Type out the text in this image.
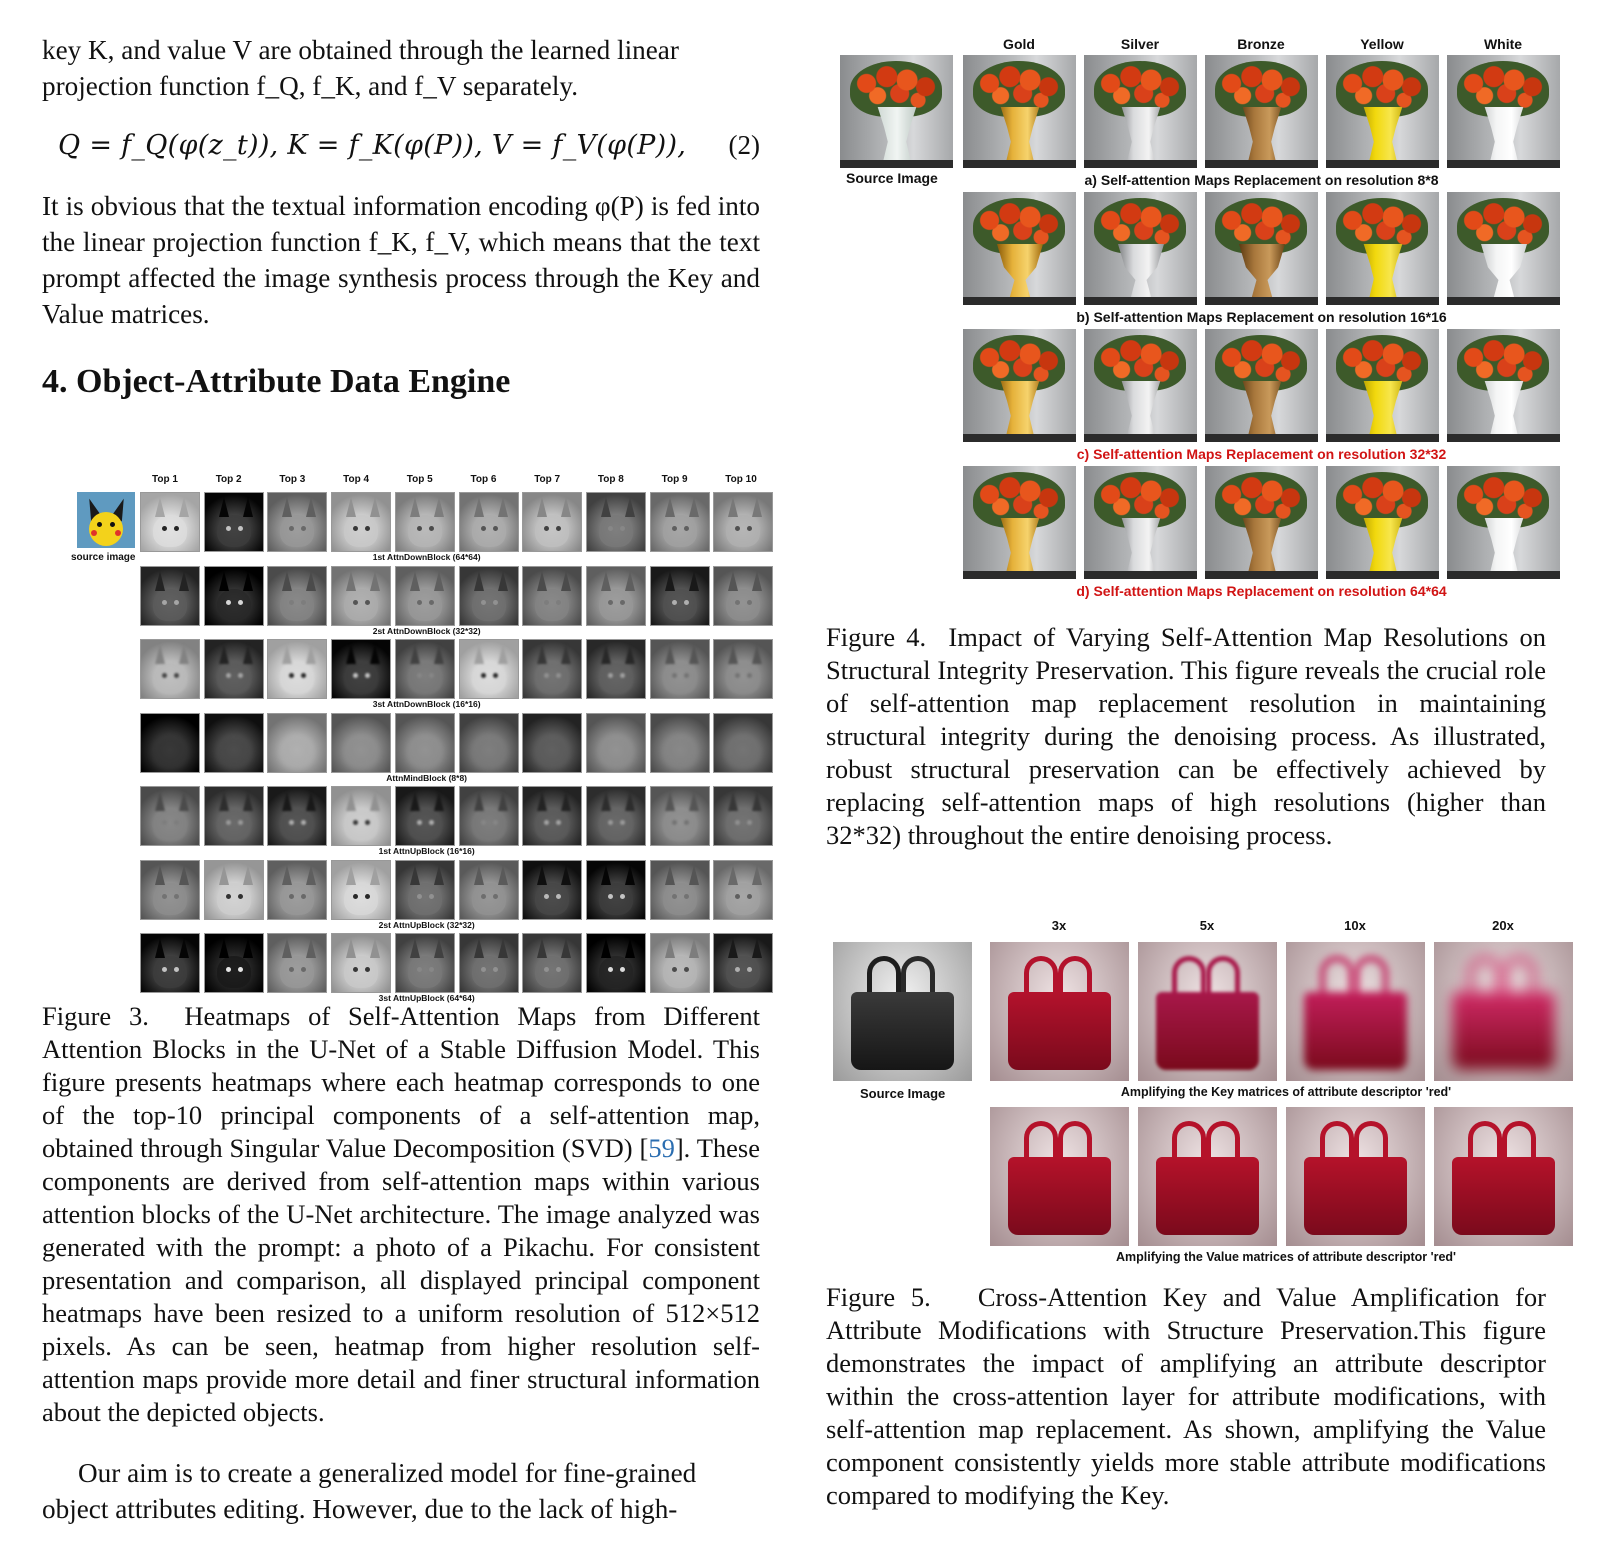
key K, and value V are obtained through the learned linear

projection function f_Q, f_K, and f_V separately.

Q = f_Q(φ(z_t)), K = f_K(φ(P)), V = f_V(φ(P)), (2)

It is obvious that the textual information encoding φ(P) is fed into the linear projection function f_K, f_V, which means that the text prompt affected the image synthesis process through the Key and Value matrices.

4. Object-Attribute Data Engine
Top 1	Top 2	Top 3	Top 4	Top 5	Top 6	Top 7	Top 8	Top 9	Top 10
source image	1st AttnDownBlock (64*64)
2st AttnDownBlock (32*32)
3st AttnDownBlock (16*16)
AttnMindBlock (8*8)
1st AttnUpBlock (16*16)
2st AttnUpBlock (32*32)
3st AttnUpBlock (64*64)

Figure 3. Heatmaps of Self-Attention Maps from Different Attention Blocks in the U-Net of a Stable Diffusion Model. This figure presents heatmaps where each heatmap corresponds to one of the top-10 principal components of a self-attention map, obtained through Singular Value Decomposition (SVD) [59]. These components are derived from self-attention maps within various attention blocks of the U-Net architecture. The image analyzed was generated with the prompt: a photo of a Pikachu. For consistent presentation and comparison, all displayed principal component heatmaps have been resized to a uniform resolution of 512×512 pixels. As can be seen, heatmap from higher resolution self-attention maps provide more detail and finer structural information about the depicted objects.

Our aim is to create a generalized model for fine-grained

object attributes editing. However, due to the lack of high-

Gold	Silver	Bronze	Yellow	White
Source Image	a) Self-attention Maps Replacement on resolution 8*8
b) Self-attention Maps Replacement on resolution 16*16
c) Self-attention Maps Replacement on resolution 32*32
d) Self-attention Maps Replacement on resolution 64*64

Figure 4. Impact of Varying Self-Attention Map Resolutions on Structural Integrity Preservation. This figure reveals the crucial role of self-attention map replacement resolution in maintaining structural integrity during the denoising process. As illustrated, robust structural preservation can be effectively achieved by replacing self-attention maps of high resolutions (higher than 32*32) throughout the entire denoising process.

3x	5x	10x	20x
Source Image	Amplifying the Key matrices of attribute descriptor 'red'
Amplifying the Value matrices of attribute descriptor 'red'

Figure 5. Cross-Attention Key and Value Amplification for Attribute Modifications with Structure Preservation.This figure demonstrates the impact of amplifying an attribute descriptor within the cross-attention layer for attribute modifications, with self-attention map replacement. As shown, amplifying the Value component consistently yields more stable attribute modifications compared to modifying the Key.
